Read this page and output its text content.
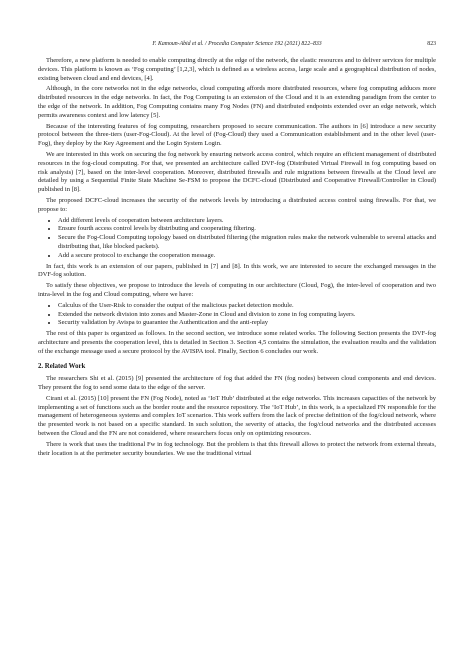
F. Kamoun-Abid et al. / Procedia Computer Science 192 (2021) 822–833	823

Therefore, a new platform is needed to enable computing directly at the edge of the network, the elastic resources and to deliver services for multiple devices. This platform is known as ‘Fog computing’ [1,2,3], which is defined as a wireless access, large scale and a geographical distribution of nodes, existing between cloud and end devices, [4].

Although, in the core networks not in the edge networks, cloud computing affords more distributed resources, where fog computing adduces more distributed resources in the edge networks. In fact, the Fog Computing is an extension of the Cloud and it is an extending paradigm from the center to the edge of the network. In addition, Fog Computing contains many Fog Nodes (FN) and distributed endpoints extended over an edge network, which permits awareness context and low latency [5].

Because of the interesting features of fog computing, researchers proposed to secure communication. The authors in [6] introduce a new security protocol between the three-tiers (user-Fog-Cloud). At the level of (Fog-Cloud) they used a Communication establishment and in the other level (user-Fog), they deploy by the Key Agreement and the Login System Login.

We are interested in this work on securing the fog network by ensuring network access control, which require an efficient management of distributed resources in the fog-cloud computing. For that, we presented an architecture called DVF-fog (Distributed Virtual Firewall in fog computing based on risk analysis) [7], based on the inter-level cooperation. Moreover, distributed firewalls and rule migrations between firewalls at the Cloud level are detailed by using a Sequential Finite State Machine Se-FSM to propose the DCFC-cloud (Distributed and Cooperative Firewall/Controller in Cloud) published in [8].

The proposed DCFC-cloud increases the security of the network levels by introducing a distributed access control using firewalls. For that, we propose to:

• Add different levels of cooperation between architecture layers.
• Ensure fourth access control levels by distributing and cooperating filtering.
• Secure the Fog-Cloud Computing topology based on distributed filtering (the migration rules make the network vulnerable to several attacks and distributing that, like blocked packets).
• Add a secure protocol to exchange the cooperation message.

In fact, this work is an extension of our papers, published in [7] and [8]. In this work, we are interested to secure the exchanged messages in the DVF-fog solution.

To satisfy these objectives, we propose to introduce the levels of computing in our architecture (Cloud, Fog), the inter-level of cooperation and two intra-level in the fog and Cloud computing, where we have:

• Calculus of the User-Risk to consider the output of the malicious packet detection module.
• Extended the network division into zones and Master-Zone in Cloud and division to zone in fog computing layers.
• Security validation by Avispa to guarantee the Authentication and the anti-replay

The rest of this paper is organized as follows. In the second section, we introduce some related works. The following Section presents the DVF-fog architecture and presents the cooperation level, this is detailed in Section 3. Section 4,5 contains the simulation, the evaluation results and the validation of the exchange message used a secure protocol by the AVISPA tool. Finally, Section 6 concludes our work.

2. Related Work

The researchers Shi et al. (2015) [9] presented the architecture of fog that added the FN (fog nodes) between cloud components and end devices. They present the fog to send some data to the edge of the server.

Cirani et al. (2015) [10] present the FN (Fog Node), noted as ‘IoT Hub’ distributed at the edge networks. This increases capacities of the network by implementing a set of functions such as the border route and the resource repository. The ‘IoT Hub’, in this work, is a specialized FN responsible for the management of heterogeneous systems and complex IoT scenarios. This work suffers from the lack of precise definition of the fog/cloud network, where the presented work is not based on a specific standard. In such solution, the severity of attacks, the fog/cloud networks and the distributed accesses between the Cloud and the FN are not considered, where researchers focus only on optimizing resources.

There is work that uses the traditional Fw in fog technology. But the problem is that this firewall allows to protect the network from external threats, their location is at the perimeter security boundaries. We use the traditional virtual
